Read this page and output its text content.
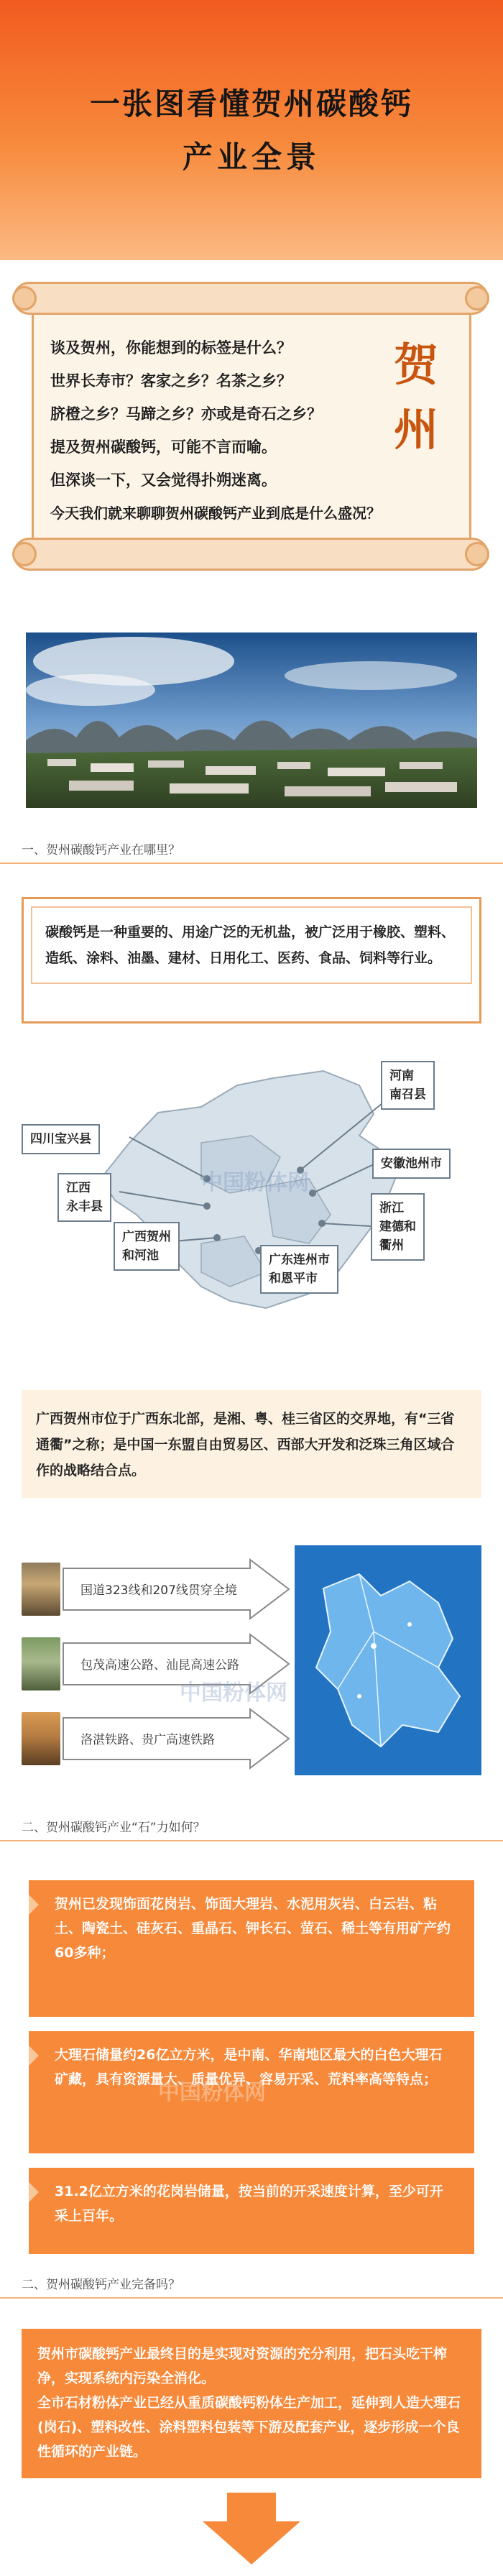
一张图看懂贺州碳酸钙
产业全景
谈及贺州，你能想到的标签是什么？
世界长寿市？客家之乡？名茶之乡？
脐橙之乡？马蹄之乡？亦或是奇石之乡？
提及贺州碳酸钙，可能不言而喻。
但深谈一下，又会觉得扑朔迷离。
今天我们就来聊聊贺州碳酸钙产业到底是什么盛况？
贺
州
一、贺州碳酸钙产业在哪里？
碳酸钙是一种重要的、用途广泛的无机盐，被广泛用于橡胶、塑料、造纸、涂料、油墨、建材、日用化工、医药、食品、饲料等行业。
四川宝兴县
江西
永丰县
广西贺州
和河池
河南
南召县
安徽池州市
浙江
建德和
衢州
广东连州市
和恩平市
中国粉体网
广西贺州市位于广西东北部，是湘、粤、桂三省区的交界地，有“三省通衢”之称；是中国一东盟自由贸易区、西部大开发和泛珠三角区域合作的战略结合点。
国道323线和207线贯穿全境
包茂高速公路、汕昆高速公路
洛湛铁路、贵广高速铁路
中国粉体网
二、贺州碳酸钙产业“石”力如何？
贺州已发现饰面花岗岩、饰面大理岩、水泥用灰岩、白云岩、粘土、陶瓷土、硅灰石、重晶石、钾长石、萤石、稀土等有用矿产约60多种；
大理石储量约26亿立方米，是中南、华南地区最大的白色大理石矿藏，具有资源量大、质量优异、容易开采、荒料率高等特点；
31.2亿立方米的花岗岩储量，按当前的开采速度计算，至少可开采上百年。
中国粉体网
二、贺州碳酸钙产业完备吗？
贺州市碳酸钙产业最终目的是实现对资源的充分利用，把石头吃干榨净，实现系统内污染全消化。
全市石材粉体产业已经从重质碳酸钙粉体生产加工，延伸到人造大理石(岗石)、塑料改性、涂料塑料包装等下游及配套产业，逐步形成一个良性循环的产业链。
